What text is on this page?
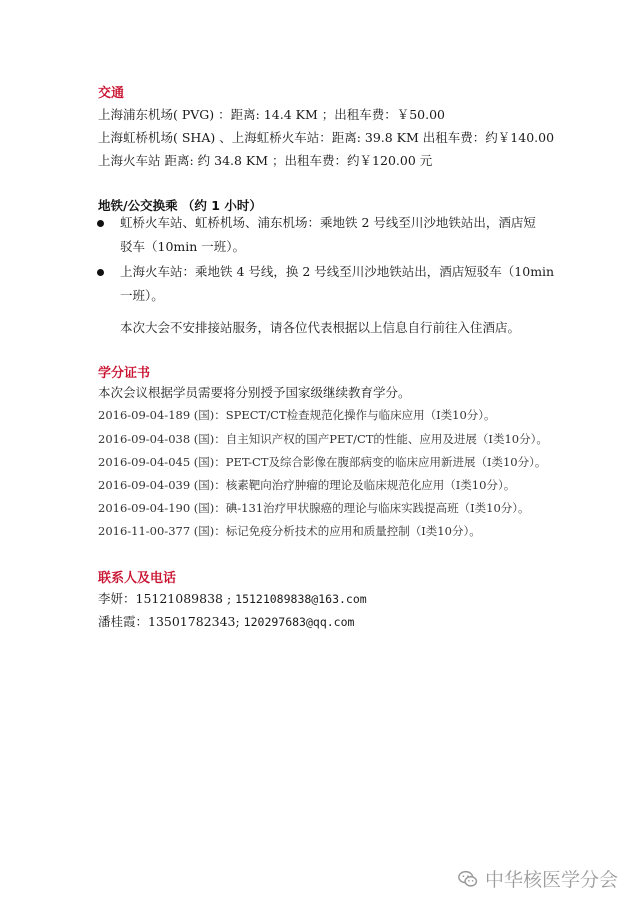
交通
上海浦东机场( PVG) ：距离: 14.4 KM ；出租车费：￥50.00
上海虹桥机场( SHA) 、上海虹桥火车站：距离: 39.8 KM 出租车费：约￥140.00
上海火车站 距离: 约 34.8 KM ；出租车费：约￥120.00 元
地铁/公交换乘 （约 1 小时）
虹桥火车站、虹桥机场、浦东机场：乘地铁 2 号线至川沙地铁站出，酒店短
驳车（10min 一班）。
上海火车站：乘地铁 4 号线，换 2 号线至川沙地铁站出，酒店短驳车（10min
一班）。
本次大会不安排接站服务，请各位代表根据以上信息自行前往入住酒店。
学分证书
本次会议根据学员需要将分别授予国家级继续教育学分。
2016-09-04-189 (国)：SPECT/CT检查规范化操作与临床应用（Ⅰ类10分）。
2016-09-04-038 (国)：自主知识产权的国产PET/CT的性能、应用及进展（Ⅰ类10分）。
2016-09-04-045 (国)：PET-CT及综合影像在腹部病变的临床应用新进展（Ⅰ类10分）。
2016-09-04-039 (国)：核素靶向治疗肿瘤的理论及临床规范化应用（Ⅰ类10分）。
2016-09-04-190 (国)：碘-131治疗甲状腺癌的理论与临床实践提高班（Ⅰ类10分）。
2016-11-00-377 (国)：标记免疫分析技术的应用和质量控制（Ⅰ类10分）。
联系人及电话
李妍：15121089838 ; 15121089838@163.com
潘桂霞：13501782343; 120297683@qq.com
中华核医学分会
